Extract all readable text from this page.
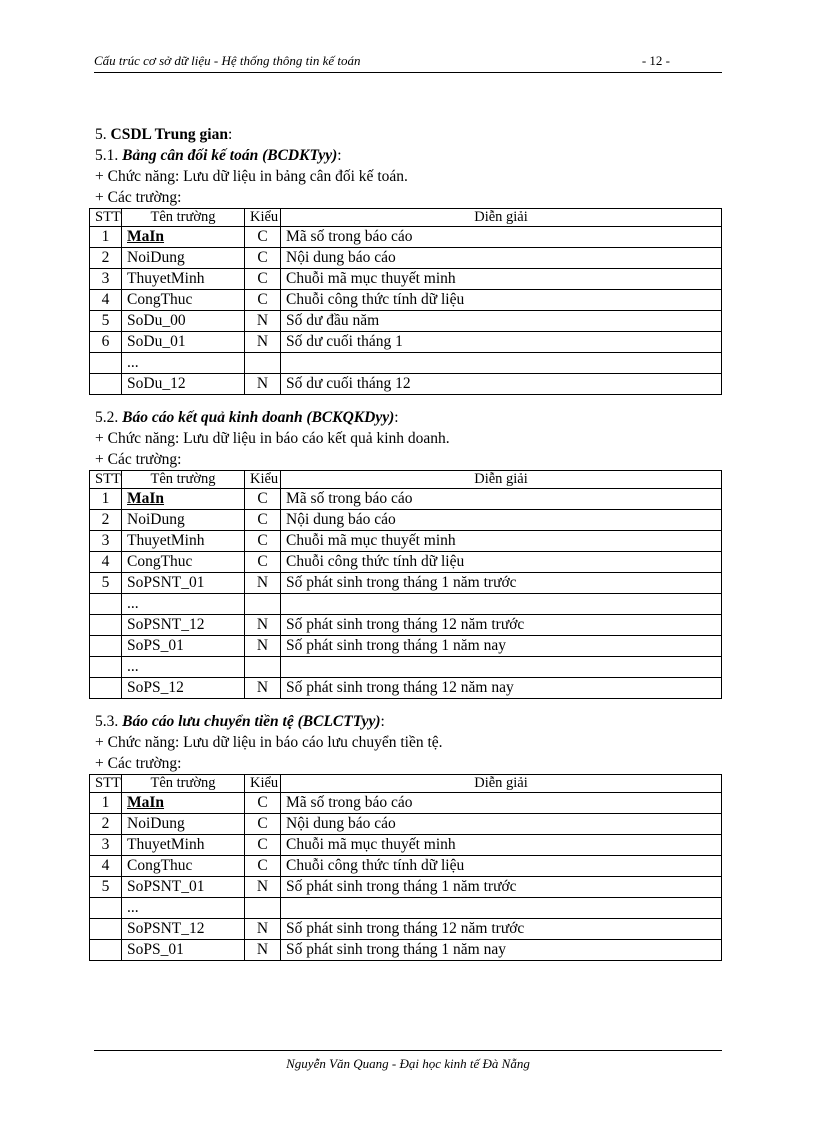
Cấu trúc cơ sở dữ liệu - Hệ thống thông tin kế toán	- 12 -
5. CSDL Trung gian:
5.1. Bảng cân đối kế toán (BCDKTyy):
+ Chức năng: Lưu dữ liệu in bảng cân đối kế toán.
+ Các trường:
STT	Tên trường	Kiểu	Diễn giải
1	MaIn	C	Mã số trong báo cáo
2	NoiDung	C	Nội dung báo cáo
3	ThuyetMinh	C	Chuỗi mã mục thuyết minh
4	CongThuc	C	Chuỗi công thức tính dữ liệu
5	SoDu_00	N	Số dư đầu năm
6	SoDu_01	N	Số dư cuối tháng 1
	...		
	SoDu_12	N	Số dư cuối tháng 12
5.2. Báo cáo kết quả kinh doanh (BCKQKDyy):
+ Chức năng: Lưu dữ liệu in báo cáo kết quả kinh doanh.
+ Các trường:
STT	Tên trường	Kiểu	Diễn giải
1	MaIn	C	Mã số trong báo cáo
2	NoiDung	C	Nội dung báo cáo
3	ThuyetMinh	C	Chuỗi mã mục thuyết minh
4	CongThuc	C	Chuỗi công thức tính dữ liệu
5	SoPSNT_01	N	Số phát sinh trong tháng 1 năm trước
	...		
	SoPSNT_12	N	Số phát sinh trong tháng 12 năm trước
	SoPS_01	N	Số phát sinh trong tháng 1 năm nay
	...		
	SoPS_12	N	Số phát sinh trong tháng 12 năm nay
5.3. Báo cáo lưu chuyển tiền tệ (BCLCTTyy):
+ Chức năng: Lưu dữ liệu in báo cáo lưu chuyển tiền tệ.
+ Các trường:
STT	Tên trường	Kiểu	Diễn giải
1	MaIn	C	Mã số trong báo cáo
2	NoiDung	C	Nội dung báo cáo
3	ThuyetMinh	C	Chuỗi mã mục thuyết minh
4	CongThuc	C	Chuỗi công thức tính dữ liệu
5	SoPSNT_01	N	Số phát sinh trong tháng 1 năm trước
	...		
	SoPSNT_12	N	Số phát sinh trong tháng 12 năm trước
	SoPS_01	N	Số phát sinh trong tháng 1 năm nay
Nguyễn Văn Quang - Đại học kinh tế Đà Nẵng
